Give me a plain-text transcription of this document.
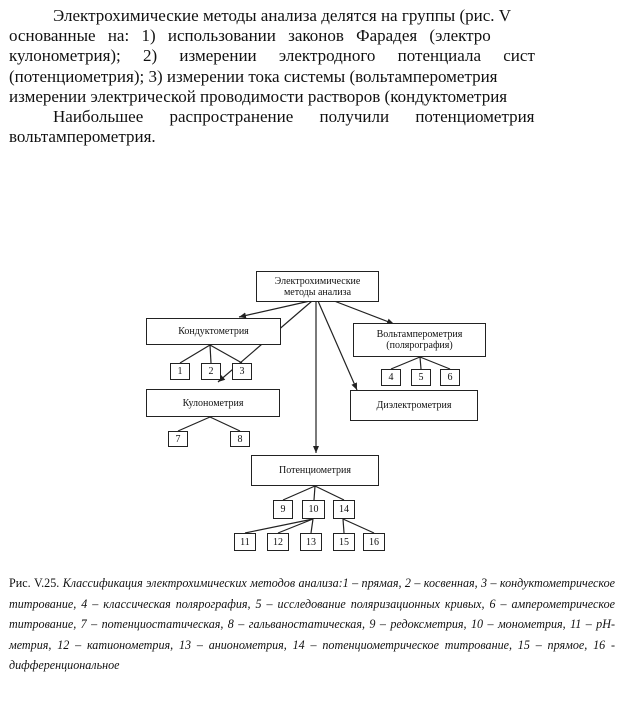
Электрохимические методы анализа делятся на группы (рис. V

основанные на: 1) использовании законов Фарадея (электро

кулонометрия); 2) измерении электродного потенциала сист

(потенциометрия); 3) измерении тока системы (вольтамперометрия

измерении электрической проводимости растворов (кондуктометрия

Наибольшее распространение получили потенциометрия

вольтамперометрия.

Электрохимические
методы анализа
Кондуктометрия	Вольтамперометрия
(полярография)
1	2	3
4	5 6
Кулонометрия	Диэлектрометрия
7	8
Потенциометрия
9 10 14
11 12 13 15 16
Рис. V.25. Классификация электрохимических методов анализа:1 – прямая, 2 – косвенная, 3 – кондуктометрическое титрование, 4 – классическая полярография, 5 – исследование поляризационных кривых, 6 – амперометрическое титрование, 7 – потенциостатическая, 8 – гальваностатическая, 9 – редоксметрия, 10 – монометрия, 11 – pH-метрия, 12 – катионометрия, 13 – анионометрия, 14 – потенциометрическое титрование, 15 – прямое, 16 - дифференциональное
